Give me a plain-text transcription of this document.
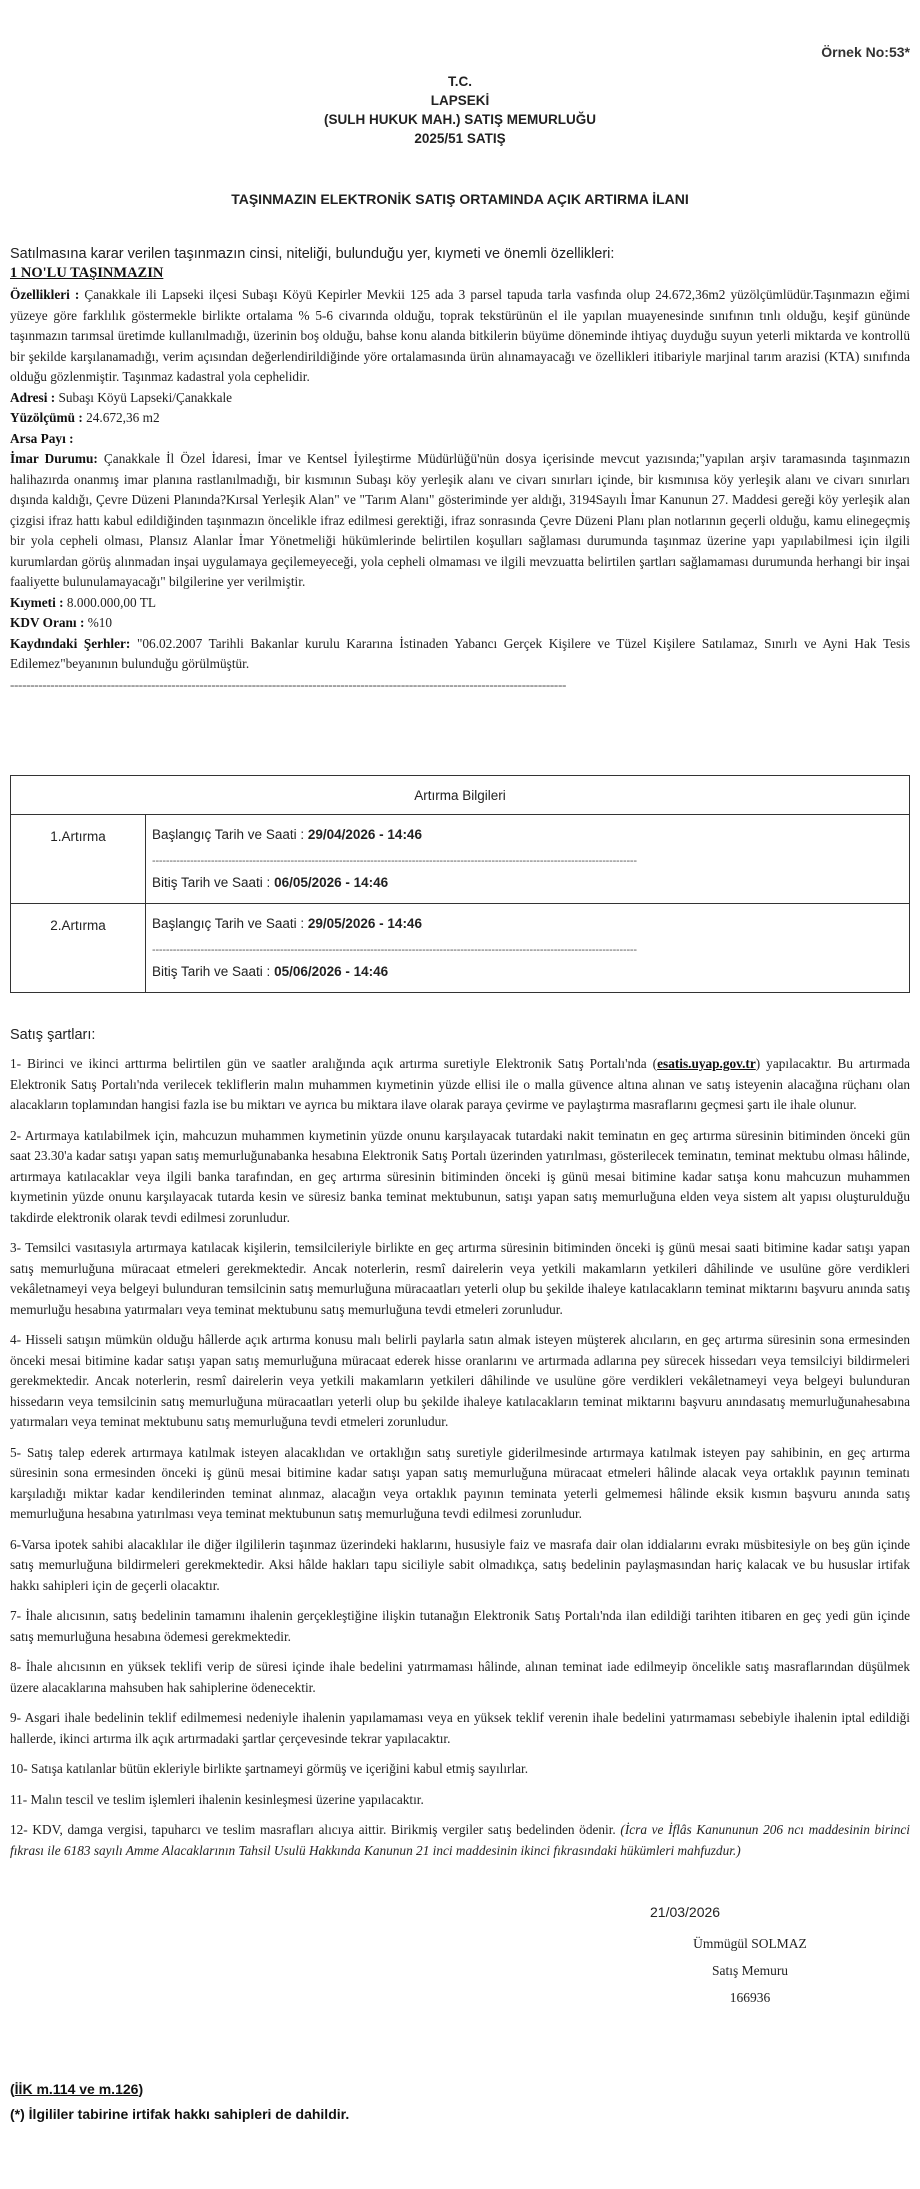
Örnek No:53*
T.C.
LAPSEKİ
(SULH HUKUK MAH.) SATIŞ MEMURLUĞU
2025/51 SATIŞ
TAŞINMAZIN ELEKTRONİK SATIŞ ORTAMINDA AÇIK ARTIRMA İLANI
Satılmasına karar verilen taşınmazın cinsi, niteliği, bulunduğu yer, kıymeti ve önemli özellikleri:
1 NO'LU TAŞINMAZIN

Özellikleri : Çanakkale ili Lapseki ilçesi Subaşı Köyü Kepirler Mevkii 125 ada 3 parsel tapuda tarla vasfında olup 24.672,36m2 yüzölçümlüdür.Taşınmazın eğimi yüzeye göre farklılık göstermekle birlikte ortalama % 5-6 civarında olduğu, toprak tekstürünün el ile yapılan muayenesinde sınıfının tınlı olduğu, keşif gününde taşınmazın tarımsal üretimde kullanılmadığı, üzerinin boş olduğu, bahse konu alanda bitkilerin büyüme döneminde ihtiyaç duyduğu suyun yeterli miktarda ve kontrollü bir şekilde karşılanamadığı, verim açısından değerlendirildiğinde yöre ortalamasında ürün alınamayacağı ve özellikleri itibariyle marjinal tarım arazisi (KTA) sınıfında olduğu gözlenmiştir. Taşınmaz kadastral yola cephelidir.

Adresi : Subaşı Köyü Lapseki/Çanakkale

Yüzölçümü : 24.672,36 m2

Arsa Payı :

İmar Durumu: Çanakkale İl Özel İdaresi, İmar ve Kentsel İyileştirme Müdürlüğü'nün dosya içerisinde mevcut yazısında;"yapılan arşiv taramasında taşınmazın halihazırda onanmış imar planına rastlanılmadığı, bir kısmının Subaşı köy yerleşik alanı ve civarı sınırları içinde, bir kısmınısa köy yerleşik alanı ve civarı sınırları dışında kaldığı, Çevre Düzeni Planında?Kırsal Yerleşik Alan" ve "Tarım Alanı" gösteriminde yer aldığı, 3194Sayılı İmar Kanunun 27. Maddesi gereği köy yerleşik alan çizgisi ifraz hattı kabul edildiğinden taşınmazın öncelikle ifraz edilmesi gerektiği, ifraz sonrasında Çevre Düzeni Planı plan notlarının geçerli olduğu, kamu elinegeçmiş bir yola cepheli olması, Plansız Alanlar İmar Yönetmeliği hükümlerinde belirtilen koşulları sağlaması durumunda taşınmaz üzerine yapı yapılabilmesi için ilgili kurumlardan görüş alınmadan inşai uygulamaya geçilemeyeceği, yola cepheli olmaması ve ilgili mevzuatta belirtilen şartları sağlamaması durumunda herhangi bir inşai faaliyette bulunulamayacağı" bilgilerine yer verilmiştir.

Kıymeti : 8.000.000,00 TL

KDV Oranı : %10

Kaydındaki Şerhler: "06.02.2007 Tarihli Bakanlar kurulu Kararına İstinaden Yabancı Gerçek Kişilere ve Tüzel Kişilere Satılamaz, Sınırlı ve Ayni Hak Tesis Edilemez"beyanının bulunduğu görülmüştür.

------------------------------------------------------------------------------------------------------------------------------------------
Artırma Bilgileri	
1.Artırma	Başlangıç Tarih ve Saati : 29/04/2026 - 14:46
--------------------------------------------------------------------------------------------------------------------------------------------
Bitiş Tarih ve Saati : 06/05/2026 - 14:46

2.Artırma	Başlangıç Tarih ve Saati : 29/05/2026 - 14:46
--------------------------------------------------------------------------------------------------------------------------------------------
Bitiş Tarih ve Saati : 05/06/2026 - 14:46
Satış şartları:

1- Birinci ve ikinci arttırma belirtilen gün ve saatler aralığında açık artırma suretiyle Elektronik Satış Portalı'nda (esatis.uyap.gov.tr) yapılacaktır. Bu artırmada Elektronik Satış Portalı'nda verilecek tekliflerin malın muhammen kıymetinin yüzde ellisi ile o malla güvence altına alınan ve satış isteyenin alacağına rüçhanı olan alacakların toplamından hangisi fazla ise bu miktarı ve ayrıca bu miktara ilave olarak paraya çevirme ve paylaştırma masraflarını geçmesi şartı ile ihale olunur.

2- Artırmaya katılabilmek için, mahcuzun muhammen kıymetinin yüzde onunu karşılayacak tutardaki nakit teminatın en geç artırma süresinin bitiminden önceki gün saat 23.30'a kadar satışı yapan satış memurluğunabanka hesabına Elektronik Satış Portalı üzerinden yatırılması, gösterilecek teminatın, teminat mektubu olması hâlinde, artırmaya katılacaklar veya ilgili banka tarafından, en geç artırma süresinin bitiminden önceki iş günü mesai bitimine kadar satışa konu mahcuzun muhammen kıymetinin yüzde onunu karşılayacak tutarda kesin ve süresiz banka teminat mektubunun, satışı yapan satış memurluğuna elden veya sistem alt yapısı oluşturulduğu takdirde elektronik olarak tevdi edilmesi zorunludur.

3- Temsilci vasıtasıyla artırmaya katılacak kişilerin, temsilcileriyle birlikte en geç artırma süresinin bitiminden önceki iş günü mesai saati bitimine kadar satışı yapan satış memurluğuna müracaat etmeleri gerekmektedir. Ancak noterlerin, resmî dairelerin veya yetkili makamların yetkileri dâhilinde ve usulüne göre verdikleri vekâletnameyi veya belgeyi bulunduran temsilcinin satış memurluğuna müracaatları yeterli olup bu şekilde ihaleye katılacakların teminat miktarını başvuru anında satış memurluğu hesabına yatırmaları veya teminat mektubunu satış memurluğuna tevdi etmeleri zorunludur.

4- Hisseli satışın mümkün olduğu hâllerde açık artırma konusu malı belirli paylarla satın almak isteyen müşterek alıcıların, en geç artırma süresinin sona ermesinden önceki mesai bitimine kadar satışı yapan satış memurluğuna müracaat ederek hisse oranlarını ve artırmada adlarına pey sürecek hissedarı veya temsilciyi bildirmeleri gerekmektedir. Ancak noterlerin, resmî dairelerin veya yetkili makamların yetkileri dâhilinde ve usulüne göre verdikleri vekâletnameyi veya belgeyi bulunduran hissedarın veya temsilcinin satış memurluğuna müracaatları yeterli olup bu şekilde ihaleye katılacakların teminat miktarını başvuru anındasatış memurluğunahesabına yatırmaları veya teminat mektubunu satış memurluğuna tevdi etmeleri zorunludur.

5- Satış talep ederek artırmaya katılmak isteyen alacaklıdan ve ortaklığın satış suretiyle giderilmesinde artırmaya katılmak isteyen pay sahibinin, en geç artırma süresinin sona ermesinden önceki iş günü mesai bitimine kadar satışı yapan satış memurluğuna müracaat etmeleri hâlinde alacak veya ortaklık payının teminatı karşıladığı miktar kadar kendilerinden teminat alınmaz, alacağın veya ortaklık payının teminata yeterli gelmemesi hâlinde eksik kısmın başvuru anında satış memurluğuna hesabına yatırılması veya teminat mektubunun satış memurluğuna tevdi edilmesi zorunludur.

6-Varsa ipotek sahibi alacaklılar ile diğer ilgililerin taşınmaz üzerindeki haklarını, hususiyle faiz ve masrafa dair olan iddialarını evrakı müsbitesiyle on beş gün içinde satış memurluğuna bildirmeleri gerekmektedir. Aksi hâlde hakları tapu siciliyle sabit olmadıkça, satış bedelinin paylaşmasından hariç kalacak ve bu hususlar irtifak hakkı sahipleri için de geçerli olacaktır.

7- İhale alıcısının, satış bedelinin tamamını ihalenin gerçekleştiğine ilişkin tutanağın Elektronik Satış Portalı'nda ilan edildiği tarihten itibaren en geç yedi gün içinde satış memurluğuna hesabına ödemesi gerekmektedir.

8- İhale alıcısının en yüksek teklifi verip de süresi içinde ihale bedelini yatırmaması hâlinde, alınan teminat iade edilmeyip öncelikle satış masraflarından düşülmek üzere alacaklarına mahsuben hak sahiplerine ödenecektir.

9- Asgari ihale bedelinin teklif edilmemesi nedeniyle ihalenin yapılamaması veya en yüksek teklif verenin ihale bedelini yatırmaması sebebiyle ihalenin iptal edildiği hallerde, ikinci artırma ilk açık artırmadaki şartlar çerçevesinde tekrar yapılacaktır.

10- Satışa katılanlar bütün ekleriyle birlikte şartnameyi görmüş ve içeriğini kabul etmiş sayılırlar.

11- Malın tescil ve teslim işlemleri ihalenin kesinleşmesi üzerine yapılacaktır.

12- KDV, damga vergisi, tapuharcı ve teslim masrafları alıcıya aittir. Birikmiş vergiler satış bedelinden ödenir. (İcra ve İflâs Kanununun 206 ncı maddesinin birinci fıkrası ile 6183 sayılı Amme Alacaklarının Tahsil Usulü Hakkında Kanunun 21 inci maddesinin ikinci fıkrasındaki hükümleri mahfuzdur.)

21/03/2026
Ümmügül SOLMAZ
Satış Memuru
166936
(İİK m.114 ve m.126)
(*) İlgililer tabirine irtifak hakkı sahipleri de dahildir.
